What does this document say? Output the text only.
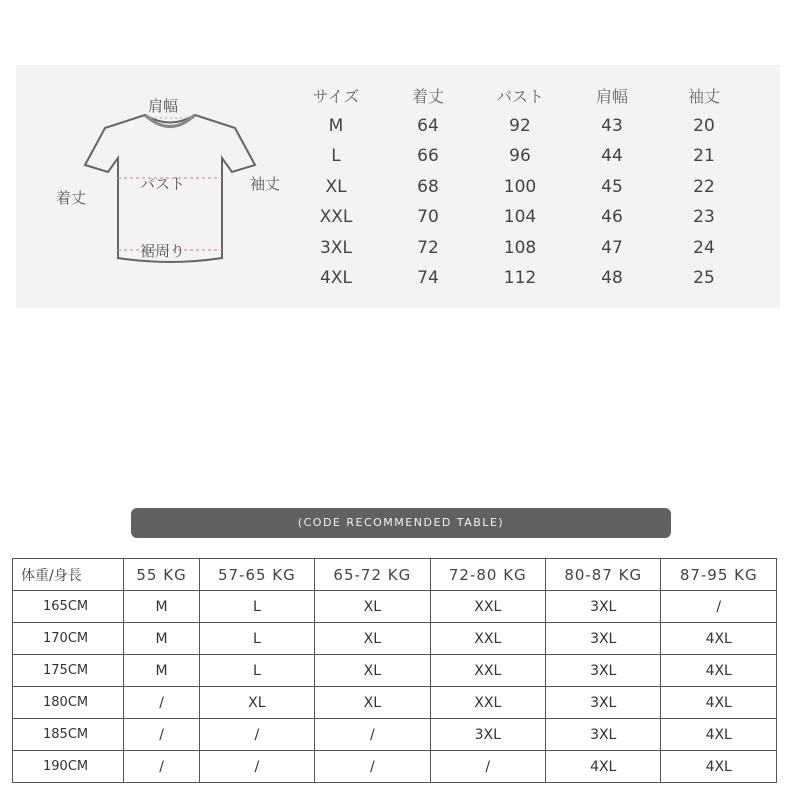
肩幅
着丈
バスト	袖丈
裾周り
サイズ	着丈	バスト	肩幅	袖丈
M	64	92	43	20
L	66	96	44	21
XL	68	100	45	22
XXL	70	104	46	23
3XL	72	108	47	24
4XL	74	112	48	25
(CODE RECOMMENDED TABLE)
体重/身長	55 KG	57-65 KG	65-72 KG	72-80 KG	80-87 KG	87-95 KG
165CM	M	L	XL	XXL	3XL	/
170CM	M	L	XL	XXL	3XL	4XL
175CM	M	L	XL	XXL	3XL	4XL
180CM	/	XL	XL	XXL	3XL	4XL
185CM	/	/	/	3XL	3XL	4XL
190CM	/	/	/	/	4XL	4XL
